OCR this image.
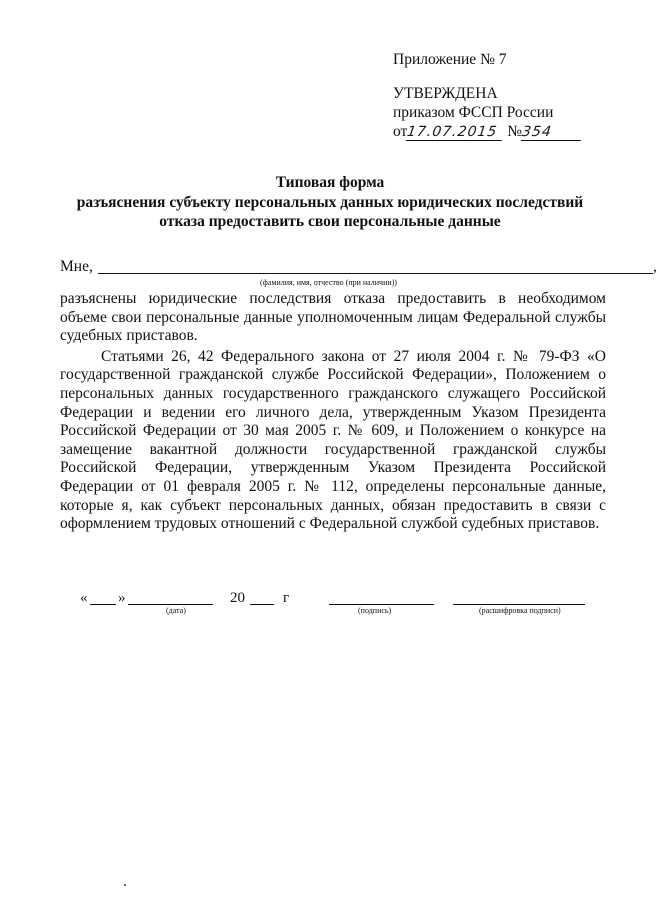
Приложение № 7
УТВЕРЖДЕНА
приказом ФССП России
от17.07.2015 №354
Типовая форма
разъяснения субъекту персональных данных юридических последствий
отказа предоставить свои персональные данные
Мне,	,
(фамилия, имя, отчество (при наличии))

разъяснены юридические последствия отказа предоставить в необходимом объеме свои персональные данные уполномоченным лицам Федеральной службы судебных приставов.

Статьями 26, 42 Федерального закона от 27 июля 2004 г. № 79-ФЗ «О государственной гражданской службе Российской Федерации», Положением о персональных данных государственного гражданского служащего Российской Федерации и ведении его личного дела, утвержденным Указом Президента Российской Федерации от 30 мая 2005 г. № 609, и Положением о конкурсе на замещение вакантной должности государственной гражданской службы Российской Федерации, утвержденным Указом Президента Российской Федерации от 01 февраля 2005 г. № 112, определены персональные данные, которые я, как субъект персональных данных, обязан предоставить в связи с оформлением трудовых отношений с Федеральной службой судебных приставов.

« »	20	г
(дата)	(подпись)	(расшифровка подписи)
